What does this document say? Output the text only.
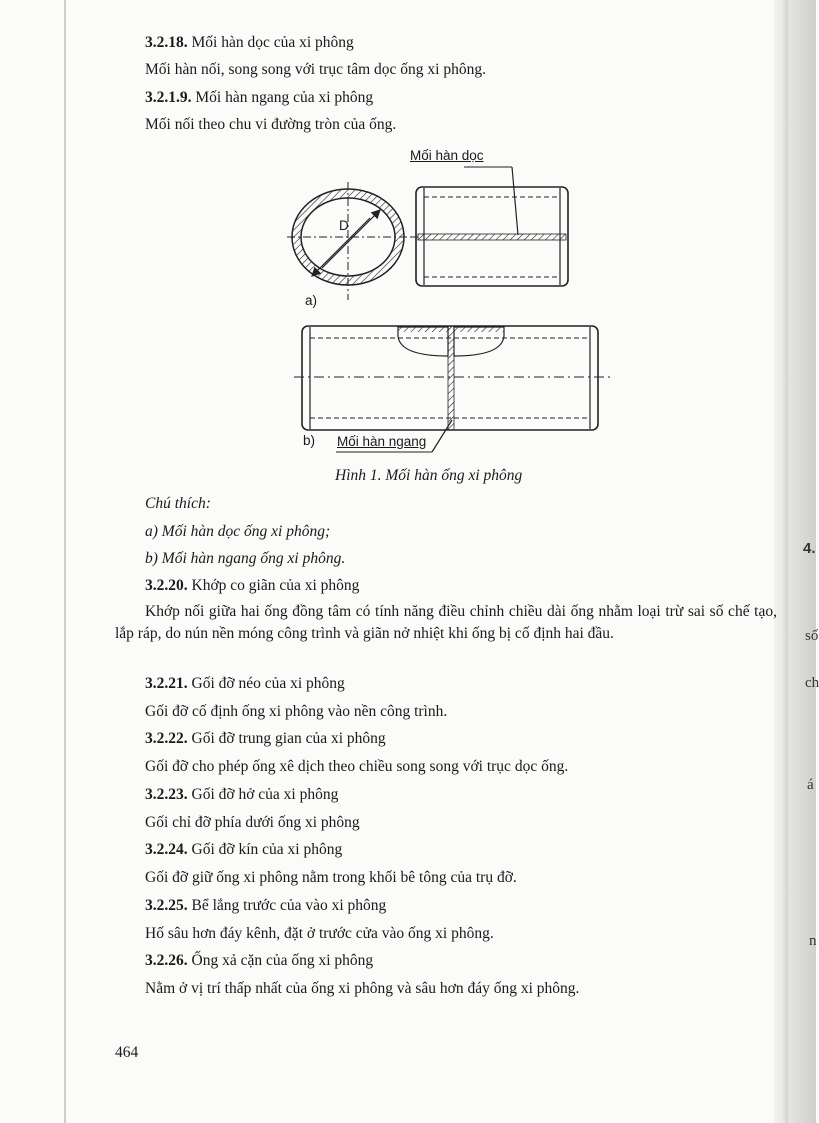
4.
số
ch
á
n
3.2.18. Mối hàn dọc của xi phông
Mối hàn nối, song song với trục tâm dọc ống xi phông.
3.2.1.9. Mối hàn ngang của xi phông
Mối nối theo chu vi đường tròn của ống.
Mối hàn dọc
D
a)
b) Mối hàn ngang
Hình 1. Mối hàn ống xi phông
Chú thích:
a) Mối hàn dọc ống xi phông;
b) Mối hàn ngang ống xi phông.
3.2.20. Khớp co giãn của xi phông
Khớp nối giữa hai ống đồng tâm có tính năng điều chỉnh chiều dài ống nhằm loại trừ sai số chế tạo, lắp ráp, do nún nền móng công trình và giãn nở nhiệt khi ống bị cố định hai đầu.
3.2.21. Gối đỡ néo của xi phông
Gối đỡ cố định ống xi phông vào nền công trình.
3.2.22. Gối đỡ trung gian của xi phông
Gối đỡ cho phép ống xê dịch theo chiều song song với trục dọc ống.
3.2.23. Gối đỡ hở của xi phông
Gối chỉ đỡ phía dưới ống xi phông
3.2.24. Gối đỡ kín của xi phông
Gối đỡ giữ ống xi phông nằm trong khối bê tông của trụ đỡ.
3.2.25. Bể lắng trước của vào xi phông
Hố sâu hơn đáy kênh, đặt ở trước cửa vào ống xi phông.
3.2.26. Ống xả cặn của ống xi phông
Nằm ở vị trí thấp nhất của ống xi phông và sâu hơn đáy ống xi phông.
464
